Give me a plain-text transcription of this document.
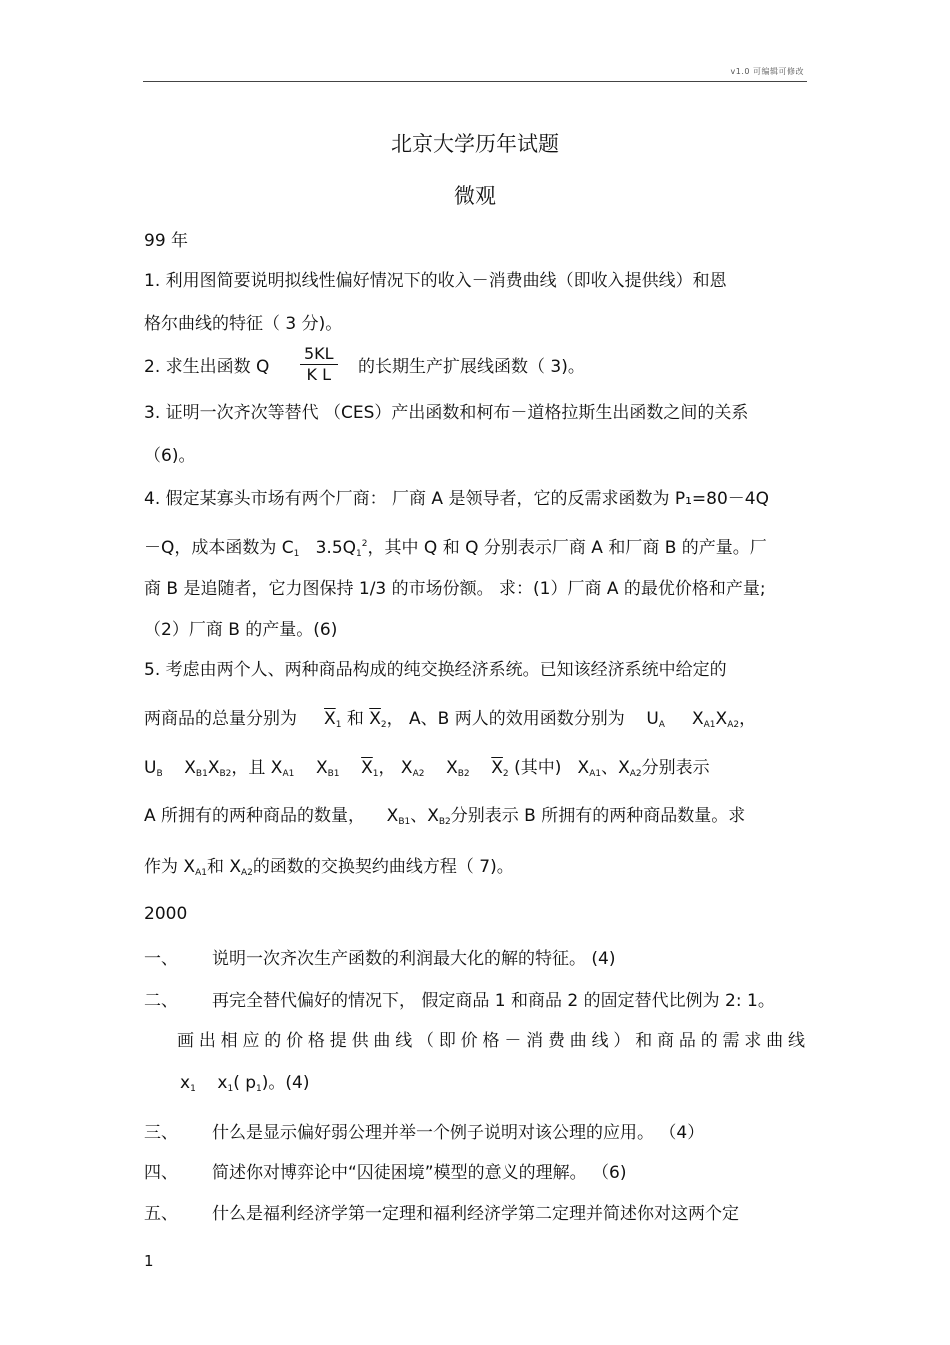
v1.0 可编辑可修改
北京大学历年试题
微观
99 年
1. 利用图简要说明拟线性偏好情况下的收入－消费曲线（即收入提供线）和恩
格尔曲线的特征（ 3 分)。
2. 求生出函数 Q $\frac{5KL}{\text{K L}}$ 的长期生产扩展线函数（ 3)。
3. 证明一次齐次等替代 （CES）产出函数和柯布－道格拉斯生出函数之间的关系
（6)。
4. 假定某寡头市场有两个厂商： 厂商 A 是领导者，它的反需求函数为 P₁=80－4Q
－Q，成本函数为 $C_1$ $3.5Q_1^2$，其中 Q 和 Q 分别表示厂商 A 和厂商 B 的产量。厂
商 B 是追随者，它力图保持 1/3 的市场份额。 求：(1）厂商 A 的最优价格和产量;
（2）厂商 B 的产量。(6)
5. 考虑由两个人、两种商品构成的纯交换经济系统。已知该经济系统中给定的
两商品的总量分别为 $\overline{X}_1$ 和 $\overline{X}_2$， A、B 两人的效用函数分别为    $U_A$     $X_{A1}X_{A2}$，
$U_B$    $X_{B1}X_{B2}$，且 $X_{A1}$    $X_{B1}$ $\overline{X}_1$， $X_{A2}$    $X_{B2}$ $\overline{X}_2$ (其中)   $X_{A1}$、$X_{A2}$分别表示
A 所拥有的两种商品的数量，    $X_{B1}$、$X_{B2}$分别表示 B 所拥有的两种商品数量。求
作为 $X_{A1}$和 $X_{A2}$的函数的交换契约曲线方程（ 7)。
2000
一、 说明一次齐次生产函数的利润最大化的解的特征。 (4)
二、 再完全替代偏好的情况下， 假定商品 1 和商品 2 的固定替代比例为 2: 1。
画出相应的价格提供曲线（即价格－消费曲线）和商品的需求曲线
$x_1$    $x_1$( $p_1$)。(4)
三、 什么是显示偏好弱公理并举一个例子说明对该公理的应用。 （4）
四、 简述你对博弈论中“囚徒困境”模型的意义的理解。 （6)
五、 什么是福利经济学第一定理和福利经济学第二定理并简述你对这两个定
1
